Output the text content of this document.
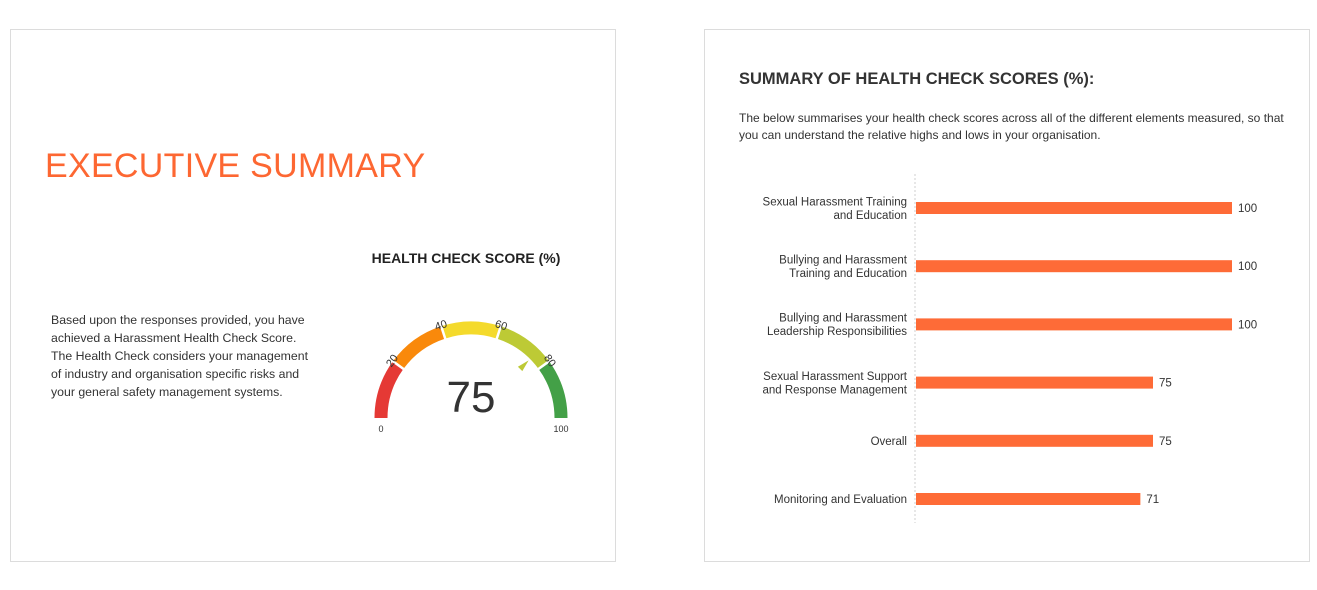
EXECUTIVE SUMMARY
Based upon the responses provided, you have achieved a Harassment Health Check Score. The Health Check considers your management of industry and organisation specific risks and your general safety management systems.
HEALTH CHECK SCORE (%)
20
40	60
80
0	100
75
SUMMARY OF HEALTH CHECK SCORES (%):
The below summarises your health check scores across all of the different elements measured, so that you can understand the relative highs and lows in your organisation.
100
Sexual Harassment Training and Education
100
Bullying and Harassment Training and Education
100
Bullying and Harassment Leadership Responsibilities
75
Sexual Harassment Support and Response Management
75
Overall
71
Monitoring and Evaluation
